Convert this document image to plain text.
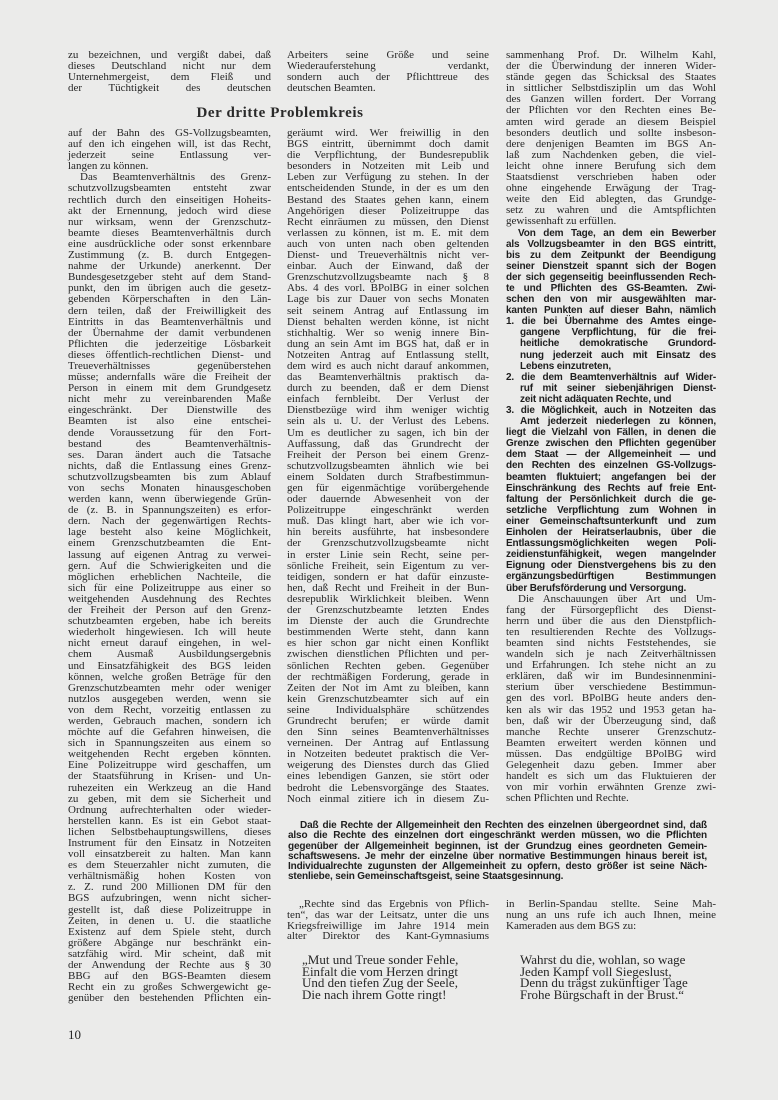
Der dritte Problemkreis
zu bezeichnen, und vergißt dabei, daß
dieses Deutschland nicht nur dem
Unternehmergeist, dem Fleiß und
der Tüchtigkeit des deutschen
Arbeiters seine Größe und seine
Wiederauferstehung verdankt,
sondern auch der Pflichttreue des
deutschen Beamten.
auf der Bahn des GS-Vollzugsbeamten,
auf den ich eingehen will, ist das Recht,
jederzeit seine Entlassung ver-
langen zu können.
Das Beamtenverhältnis des Grenz-
schutzvollzugsbeamten entsteht zwar
rechtlich durch den einseitigen Hoheits-
akt der Ernennung, jedoch wird diese
nur wirksam, wenn der Grenzschutz-
beamte dieses Beamtenverhältnis durch
eine ausdrückliche oder sonst erkennbare
Zustimmung (z. B. durch Entgegen-
nahme der Urkunde) anerkennt. Der
Bundesgesetzgeber steht auf dem Stand-
punkt, den im übrigen auch die gesetz-
gebenden Körperschaften in den Län-
dern teilen, daß der Freiwilligkeit des
Eintritts in das Beamtenverhältnis und
der Übernahme der damit verbundenen
Pflichten die jederzeitige Lösbarkeit
dieses öffentlich-rechtlichen Dienst- und
Treueverhältnisses gegenüberstehen
müsse; andernfalls wäre die Freiheit der
Person in einem mit dem Grundgesetz
nicht mehr zu vereinbarenden Maße
eingeschränkt. Der Dienstwille des
Beamten ist also eine entschei-
dende Voraussetzung für den Fort-
bestand des Beamtenverhältnis-
ses. Daran ändert auch die Tatsache
nichts, daß die Entlassung eines Grenz-
schutzvollzugsbeamten bis zum Ablauf
von sechs Monaten hinausgeschoben
werden kann, wenn überwiegende Grün-
de (z. B. in Spannungszeiten) es erfor-
dern. Nach der gegenwärtigen Rechts-
lage besteht also keine Möglichkeit,
einem Grenzschutzbeamten die Ent-
lassung auf eigenen Antrag zu verwei-
gern. Auf die Schwierigkeiten und die
möglichen erheblichen Nachteile, die
sich für eine Polizeitruppe aus einer so
weitgehenden Ausdehnung des Rechtes
der Freiheit der Person auf den Grenz-
schutzbeamten ergeben, habe ich bereits
wiederholt hingewiesen. Ich will heute
nicht erneut darauf eingehen, in wel-
chem Ausmaß Ausbildungsergebnis
und Einsatzfähigkeit des BGS leiden
können, welche großen Beträge für den
Grenzschutzbeamten mehr oder weniger
nutzlos ausgegeben werden, wenn sie
von dem Recht, vorzeitig entlassen zu
werden, Gebrauch machen, sondern ich
möchte auf die Gefahren hinweisen, die
sich in Spannungszeiten aus einem so
weitgehenden Recht ergeben könnten.
Eine Polizeitruppe wird geschaffen, um
der Staatsführung in Krisen- und Un-
ruhezeiten ein Werkzeug an die Hand
zu geben, mit dem sie Sicherheit und
Ordnung aufrechterhalten oder wieder-
herstellen kann. Es ist ein Gebot staat-
lichen Selbstbehauptungswillens, dieses
Instrument für den Einsatz in Notzeiten
voll einsatzbereit zu halten. Man kann
es dem Steuerzahler nicht zumuten, die
verhältnismäßig hohen Kosten von
z. Z. rund 200 Millionen DM für den
BGS aufzubringen, wenn nicht sicher-
gestellt ist, daß diese Polizeitruppe in
Zeiten, in denen u. U. die staatliche
Existenz auf dem Spiele steht, durch
größere Abgänge nur beschränkt ein-
satzfähig wird. Mir scheint, daß mit
der Anwendung der Rechte aus § 30
BBG auf den BGS-Beamten diesem
Recht ein zu großes Schwergewicht ge-
genüber den bestehenden Pflichten ein-
geräumt wird. Wer freiwillig in den
BGS eintritt, übernimmt doch damit
die Verpflichtung, der Bundesrepublik
besonders in Notzeiten mit Leib und
Leben zur Verfügung zu stehen. In der
entscheidenden Stunde, in der es um den
Bestand des Staates gehen kann, einem
Angehörigen dieser Polizeitruppe das
Recht einräumen zu müssen, den Dienst
verlassen zu können, ist m. E. mit dem
auch von unten nach oben geltenden
Dienst- und Treueverhältnis nicht ver-
einbar. Auch der Einwand, daß der
Grenzschutzvollzugsbeamte nach § 8
Abs. 4 des vorl. BPolBG in einer solchen
Lage bis zur Dauer von sechs Monaten
seit seinem Antrag auf Entlassung im
Dienst behalten werden könne, ist nicht
stichhaltig. Wer so wenig innere Bin-
dung an sein Amt im BGS hat, daß er in
Notzeiten Antrag auf Entlassung stellt,
dem wird es auch nicht darauf ankommen,
das Beamtenverhältnis praktisch da-
durch zu beenden, daß er dem Dienst
einfach fernbleibt. Der Verlust der
Dienstbezüge wird ihm weniger wichtig
sein als u. U. der Verlust des Lebens.
Um es deutlicher zu sagen, ich bin der
Auffassung, daß das Grundrecht der
Freiheit der Person bei einem Grenz-
schutzvollzugsbeamten ähnlich wie bei
einem Soldaten durch Strafbestimmun-
gen für eigenmächtige vorübergehende
oder dauernde Abwesenheit von der
Polizeitruppe eingeschränkt werden
muß. Das klingt hart, aber wie ich vor-
hin bereits ausführte, hat insbesondere
der Grenzschutzvollzugsbeamte nicht
in erster Linie sein Recht, seine per-
sönliche Freiheit, sein Eigentum zu ver-
teidigen, sondern er hat dafür einzuste-
hen, daß Recht und Freiheit in der Bun-
desrepublik Wirklichkeit bleiben. Wenn
der Grenzschutzbeamte letzten Endes
im Dienste der auch die Grundrechte
bestimmenden Werte steht, dann kann
es hier schon gar nicht einen Konflikt
zwischen dienstlichen Pflichten und per-
sönlichen Rechten geben. Gegenüber
der rechtmäßigen Forderung, gerade in
Zeiten der Not im Amt zu bleiben, kann
kein Grenzschutzbeamter sich auf ein
seine Individualsphäre schützendes
Grundrecht berufen; er würde damit
den Sinn seines Beamtenverhältnisses
verneinen. Der Antrag auf Entlassung
in Notzeiten bedeutet praktisch die Ver-
weigerung des Dienstes durch das Glied
eines lebendigen Ganzen, sie stört oder
bedroht die Lebensvorgänge des Staates.
Noch einmal zitiere ich in diesem Zu-
sammenhang Prof. Dr. Wilhelm Kahl,
der die Überwindung der inneren Wider-
stände gegen das Schicksal des Staates
in sittlicher Selbstdisziplin um das Wohl
des Ganzen willen fordert. Der Vorrang
der Pflichten vor den Rechten eines Be-
amten wird gerade an diesem Beispiel
besonders deutlich und sollte insbeson-
dere denjenigen Beamten im BGS An-
laß zum Nachdenken geben, die viel-
leicht ohne innere Berufung sich dem
Staatsdienst verschrieben haben oder
ohne eingehende Erwägung der Trag-
weite den Eid ablegten, das Grundge-
setz zu wahren und die Amtspflichten
gewissenhaft zu erfüllen.
Von dem Tage, an dem ein Bewerber
als Vollzugsbeamter in den BGS eintritt,
bis zu dem Zeitpunkt der Beendigung
seiner Dienstzeit spannt sich der Bogen
der sich gegenseitig beeinflussenden Rech-
te und Pflichten des GS-Beamten. Zwi-
schen den von mir ausgewählten mar-
kanten Punkten auf dieser Bahn, nämlich
1. die bei Übernahme des Amtes einge-
gangene Verpflichtung, für die frei-
heitliche demokratische Grundord-
nung jederzeit auch mit Einsatz des
Lebens einzutreten,
2. die dem Beamtenverhältnis auf Wider-
ruf mit seiner siebenjährigen Dienst-
zeit nicht adäquaten Rechte, und
3. die Möglichkeit, auch in Notzeiten das
Amt jederzeit niederlegen zu können,
liegt die Vielzahl von Fällen, in denen die
Grenze zwischen den Pflichten gegenüber
dem Staat — der Allgemeinheit — und
den Rechten des einzelnen GS-Vollzugs-
beamten fluktuiert; angefangen bei der
Einschränkung des Rechts auf freie Ent-
faltung der Persönlichkeit durch die ge-
setzliche Verpflichtung zum Wohnen in
einer Gemeinschaftsunterkunft und zum
Einholen der Heiratserlaubnis, über die
Entlassungsmöglichkeiten wegen Poli-
zeidienstunfähigkeit, wegen mangelnder
Eignung oder Dienstvergehens bis zu den
ergänzungsbedürftigen Bestimmungen
über Berufsförderung und Versorgung.
Die Anschauungen über Art und Um-
fang der Fürsorgepflicht des Dienst-
herrn und über die aus den Dienstpflich-
ten resultierenden Rechte des Vollzugs-
beamten sind nichts Feststehendes, sie
wandeln sich je nach Zeitverhältnissen
und Erfahrungen. Ich stehe nicht an zu
erklären, daß wir im Bundesinnenmini-
sterium über verschiedene Bestimmun-
gen des vorl. BPolBG heute anders den-
ken als wir das 1952 und 1953 getan ha-
ben, daß wir der Überzeugung sind, daß
manche Rechte unserer Grenzschutz-
Beamten erweitert werden können und
müssen. Das endgültige BPolBG wird
Gelegenheit dazu geben. Immer aber
handelt es sich um das Fluktuieren der
von mir vorhin erwähnten Grenze zwi-
schen Pflichten und Rechte.
Daß die Rechte der Allgemeinheit den Rechten des einzelnen übergeordnet sind, daß
also die Rechte des einzelnen dort eingeschränkt werden müssen, wo die Pflichten
gegenüber der Allgemeinheit beginnen, ist der Grundzug eines geordneten Gemein-
schaftswesens. Je mehr der einzelne über normative Bestimmungen hinaus bereit ist,
Individualrechte zugunsten der Allgemeinheit zu opfern, desto größer ist seine Näch-
stenliebe, sein Gemeinschaftsgeist, seine Staatsgesinnung.
„Rechte sind das Ergebnis von Pflich-
ten“, das war der Leitsatz, unter die uns
Kriegsfreiwillige im Jahre 1914 mein
alter Direktor des Kant-Gymnasiums
in Berlin-Spandau stellte. Seine Mah-
nung an uns rufe ich auch Ihnen, meine
Kameraden aus dem BGS zu:
„Mut und Treue sonder Fehle,
Einfalt die vom Herzen dringt
Und den tiefen Zug der Seele,
Die nach ihrem Gotte ringt!
Wahrst du die, wohlan, so wage
Jeden Kampf voll Siegeslust,
Denn du trägst zukünftiger Tage
Frohe Bürgschaft in der Brust.“
10
